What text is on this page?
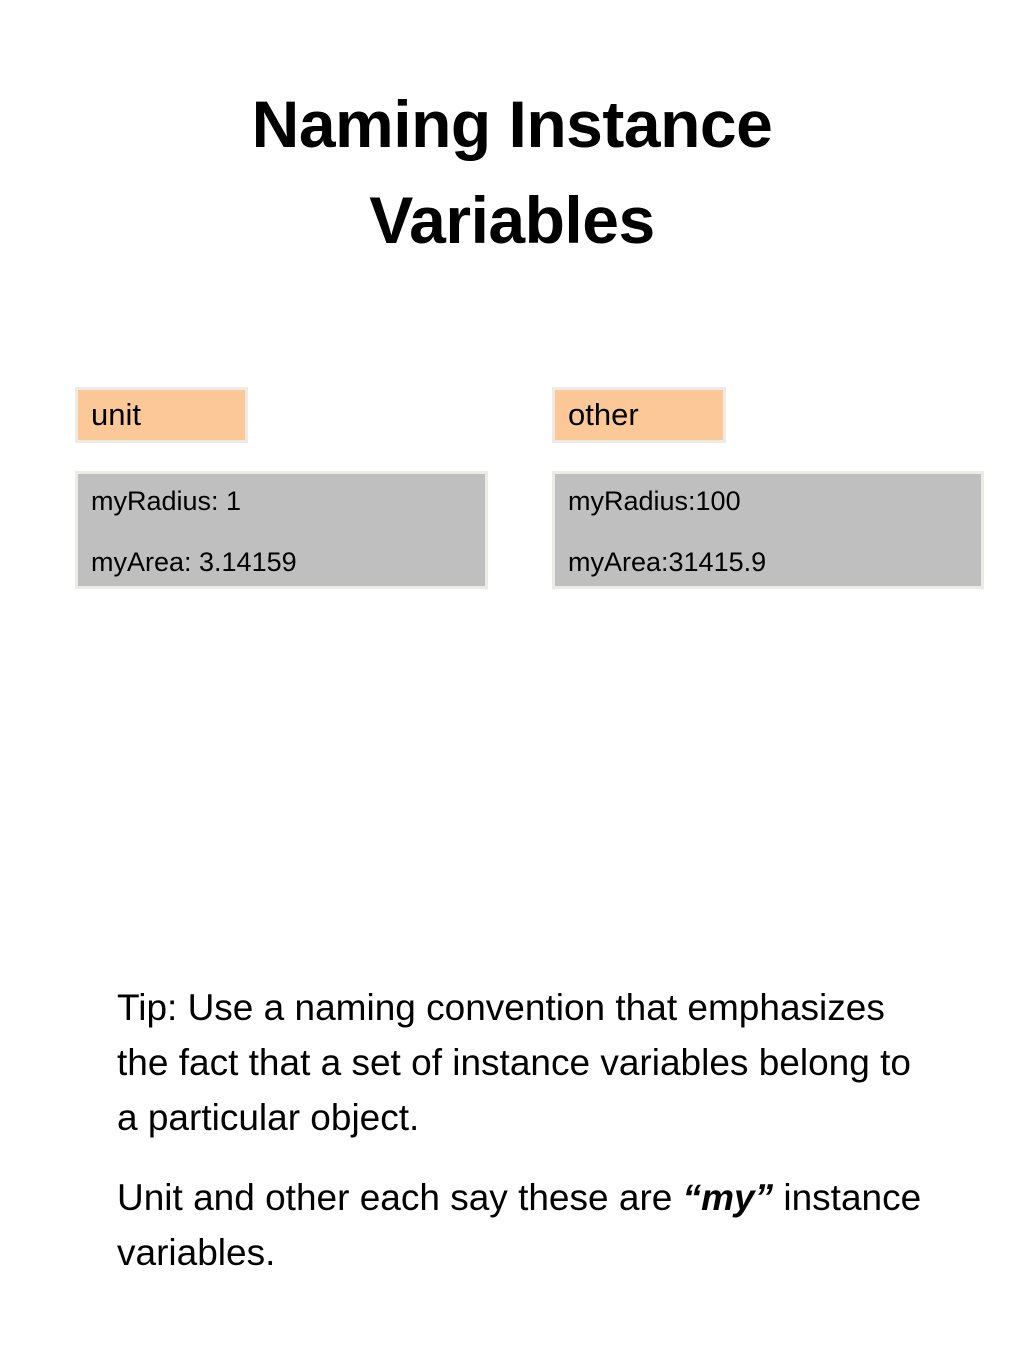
Naming Instance
Variables
unit	other
myRadius: 1
myArea: 3.14159
myRadius:100
myArea:31415.9

Tip: Use a naming convention that emphasizes the fact that a set of instance variables belong to a particular object.

Unit and other each say these are “my” instance variables.
